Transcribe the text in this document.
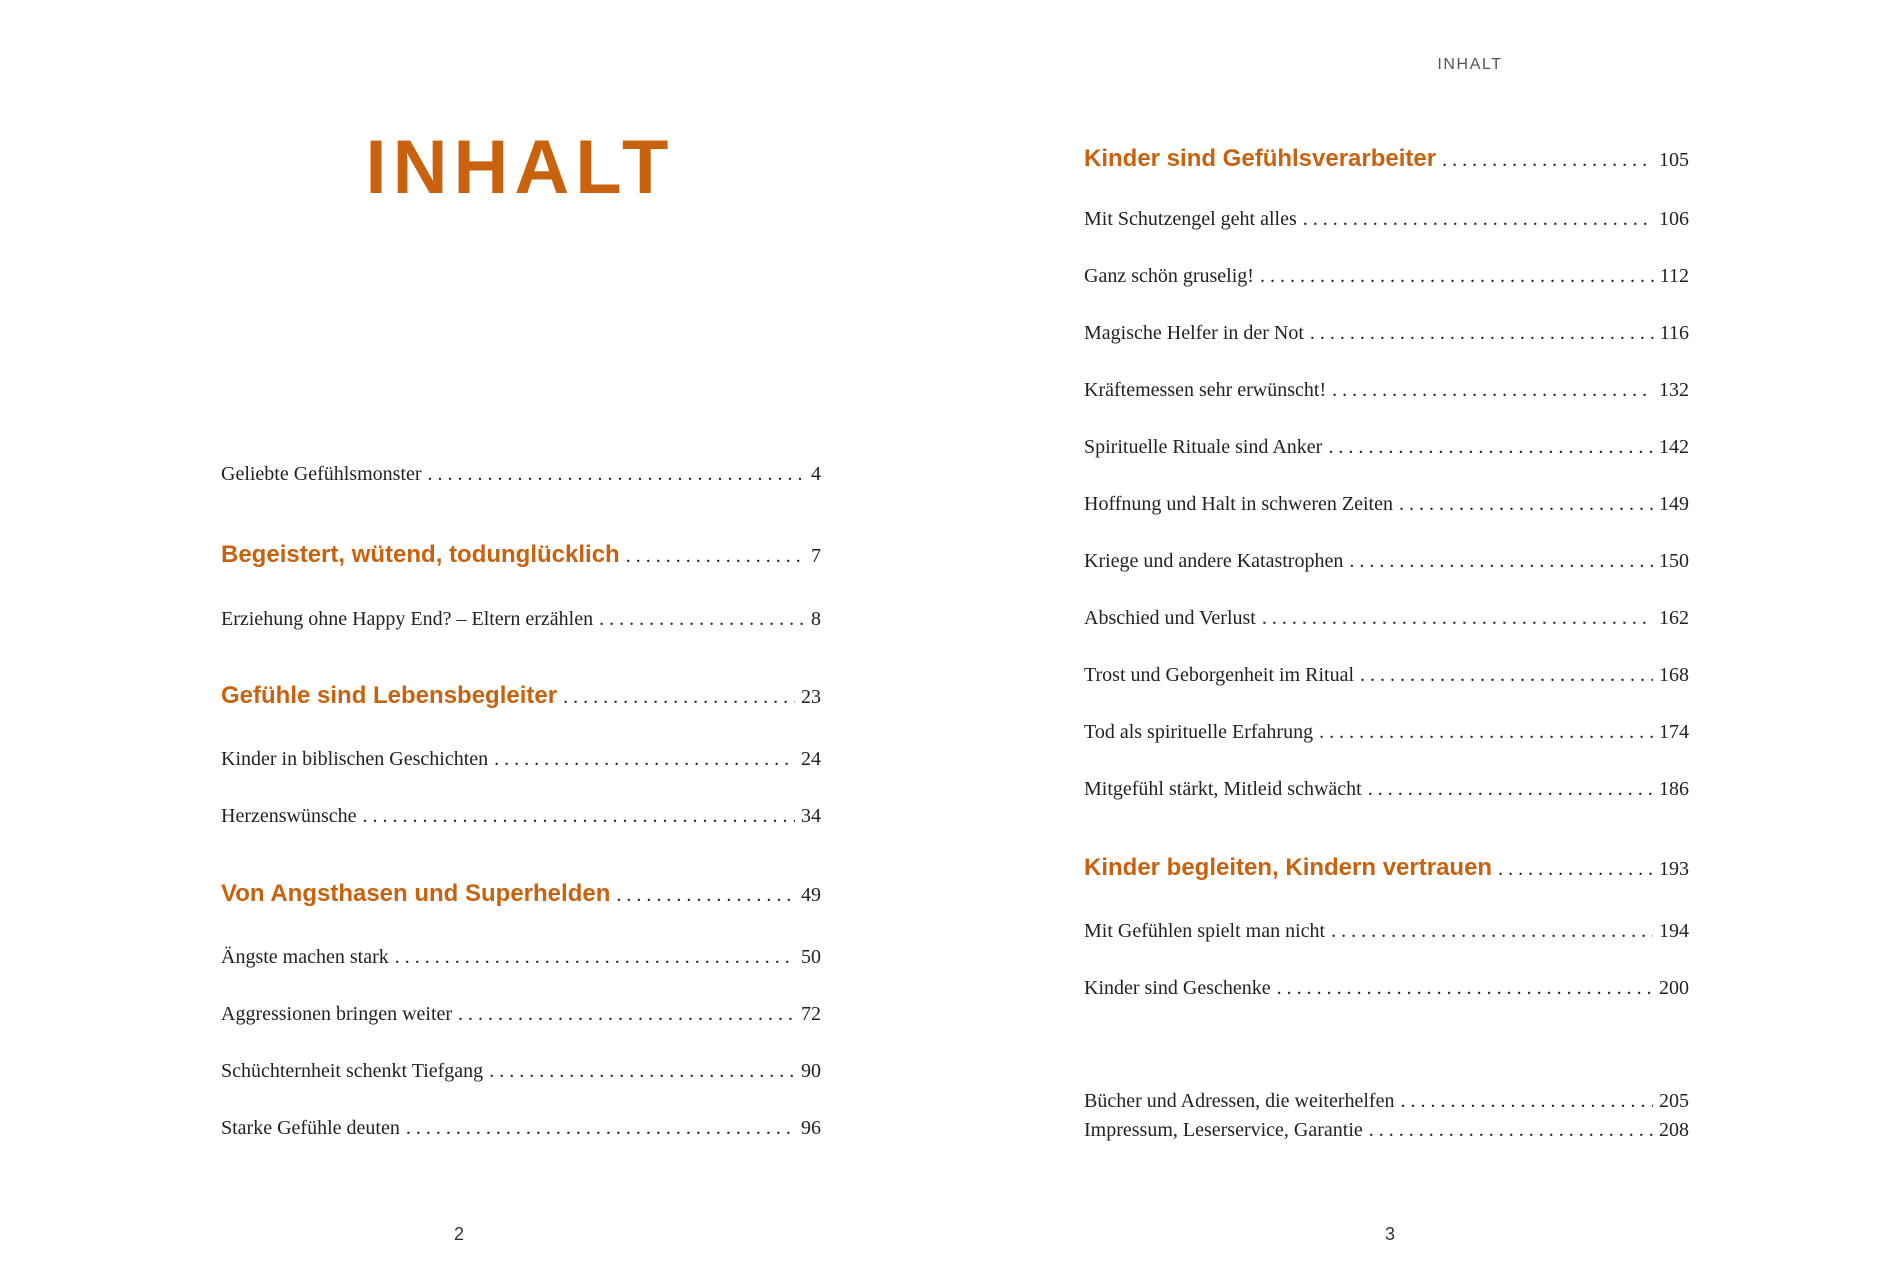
INHALT
Geliebte Gefühlsmonster . . .	4
Begeistert, wütend, todunglücklich . . .	7
Erziehung ohne Happy End? – Eltern erzählen . . .	8
Gefühle sind Lebensbegleiter . . .	23
Kinder in biblischen Geschichten . . .	24
Herzenswünsche . . .	34
Von Angsthasen und Superhelden . . .	49
Ängste machen stark . . .	50
Aggressionen bringen weiter . . .	72
Schüchternheit schenkt Tiefgang . . .	90
Starke Gefühle deuten . . .	96
2
INHALT
Kinder sind Gefühlsverarbeiter . . .	105
Mit Schutzengel geht alles . . .	106
Ganz schön gruselig! . . .	112
Magische Helfer in der Not . . .	116
Kräftemessen sehr erwünscht! . . .	132
Spirituelle Rituale sind Anker . . .	142
Hoffnung und Halt in schweren Zeiten . . .	149
Kriege und andere Katastrophen . . .	150
Abschied und Verlust . . .	162
Trost und Geborgenheit im Ritual . . .	168
Tod als spirituelle Erfahrung . . .	174
Mitgefühl stärkt, Mitleid schwächt . . .	186
Kinder begleiten, Kindern vertrauen . . .	193
Mit Gefühlen spielt man nicht . . .	194
Kinder sind Geschenke . . .	200
Bücher und Adressen, die weiterhelfen . . .	205
Impressum, Leserservice, Garantie . . .	208
3
